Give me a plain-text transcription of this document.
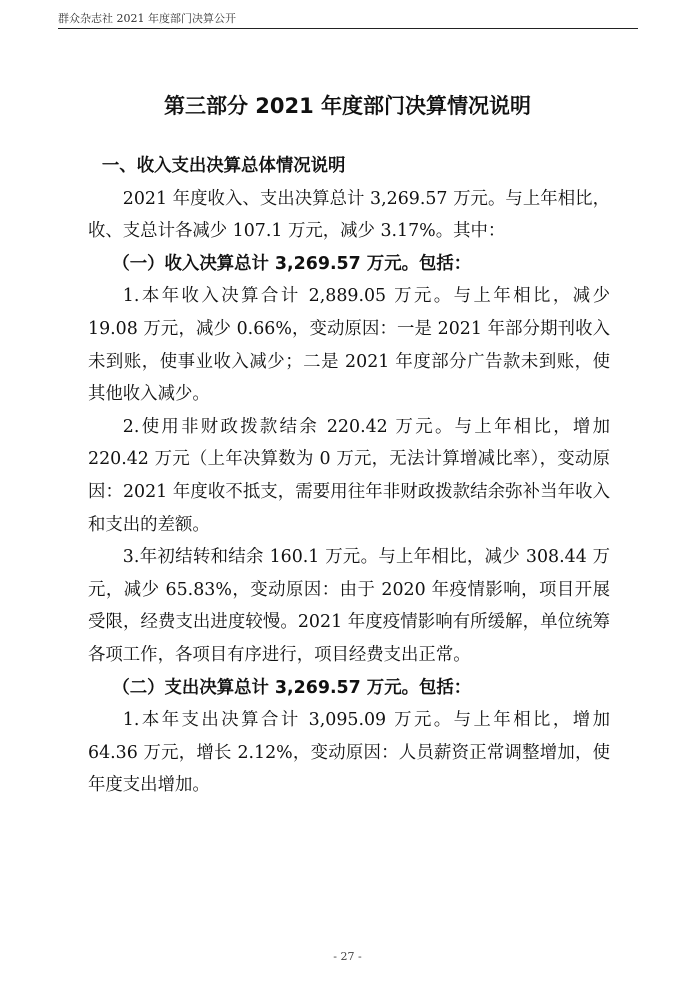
群众杂志社 2021 年度部门决算公开
第三部分 2021 年度部门决算情况说明

一、收入支出决算总体情况说明

2021 年度收入、支出决算总计 3,269.57 万元。与上年相比，收、支总计各减少 107.1 万元，减少 3.17%。其中：

（一）收入决算总计 3,269.57 万元。包括：

1.本年收入决算合计 2,889.05 万元。与上年相比，减少 19.08 万元，减少 0.66%，变动原因：一是 2021 年部分期刊收入未到账，使事业收入减少；二是 2021 年度部分广告款未到账，使其他收入减少。

2.使用非财政拨款结余 220.42 万元。与上年相比，增加 220.42 万元（上年决算数为 0 万元，无法计算增减比率），变动原因：2021 年度收不抵支，需要用往年非财政拨款结余弥补当年收入和支出的差额。

3.年初结转和结余 160.1 万元。与上年相比，减少 308.44 万元，减少 65.83%，变动原因：由于 2020 年疫情影响，项目开展受限，经费支出进度较慢。2021 年度疫情影响有所缓解，单位统筹各项工作，各项目有序进行，项目经费支出正常。

（二）支出决算总计 3,269.57 万元。包括：

1.本年支出决算合计 3,095.09 万元。与上年相比，增加 64.36 万元，增长 2.12%，变动原因：人员薪资正常调整增加，使年度支出增加。

- 27 -
